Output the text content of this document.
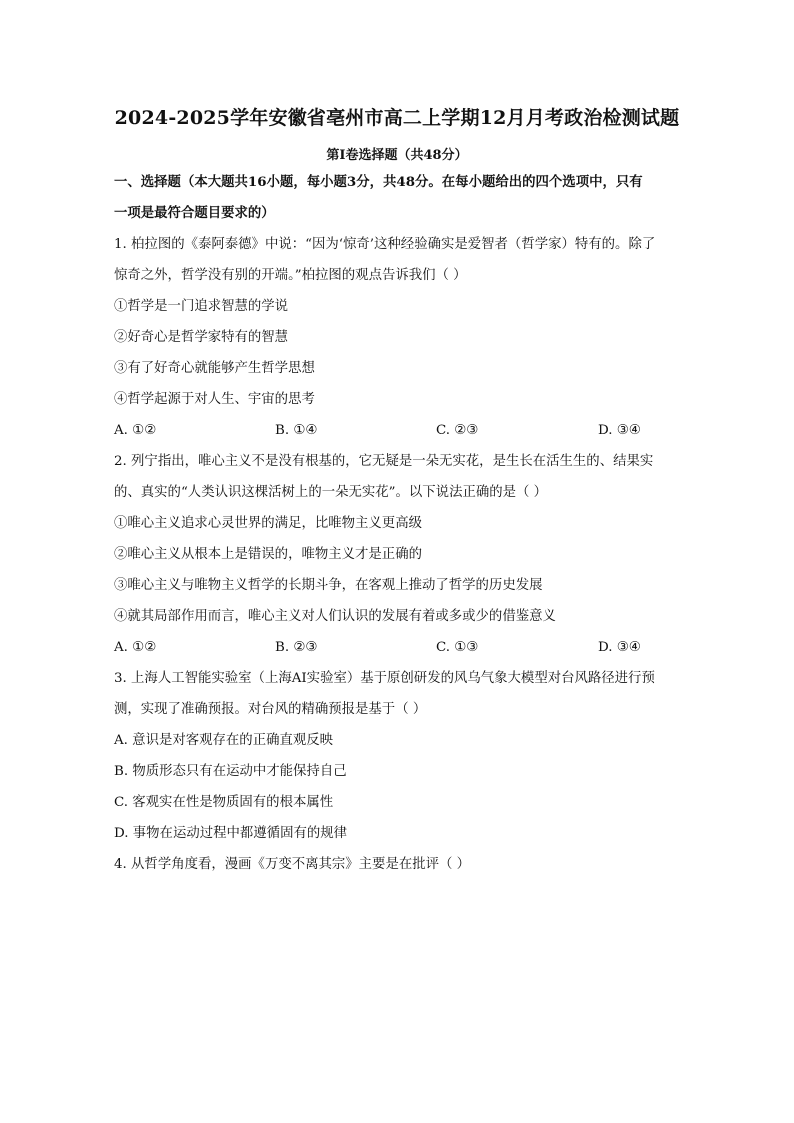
2024-2025学年安徽省亳州市高二上学期12月月考政治检测试题
第I卷选择题（共48分）
一、选择题（本大题共16小题，每小题3分，共48分。在每小题给出的四个选项中，只有
一项是最符合题目要求的）
1. 柏拉图的《泰阿泰德》中说：“因为‘惊奇’这种经验确实是爱智者（哲学家）特有的。除了
惊奇之外，哲学没有别的开端。”柏拉图的观点告诉我们（ ）
①哲学是一门追求智慧的学说
②好奇心是哲学家特有的智慧
③有了好奇心就能够产生哲学思想
④哲学起源于对人生、宇宙的思考
A. ①②	B. ①④	C. ②③	D. ③④
2. 列宁指出，唯心主义不是没有根基的，它无疑是一朵无实花，是生长在活生生的、结果实
的、真实的“人类认识这棵活树上的一朵无实花”。以下说法正确的是（ ）
①唯心主义追求心灵世界的满足，比唯物主义更高级
②唯心主义从根本上是错误的，唯物主义才是正确的
③唯心主义与唯物主义哲学的长期斗争，在客观上推动了哲学的历史发展
④就其局部作用而言，唯心主义对人们认识的发展有着或多或少的借鉴意义
A. ①②	B. ②③	C. ①③	D. ③④
3. 上海人工智能实验室（上海AI实验室）基于原创研发的风乌气象大模型对台风路径进行预
测，实现了准确预报。对台风的精确预报是基于（ ）
A. 意识是对客观存在的正确直观反映
B. 物质形态只有在运动中才能保持自己
C. 客观实在性是物质固有的根本属性
D. 事物在运动过程中都遵循固有的规律
4. 从哲学角度看，漫画《万变不离其宗》主要是在批评（ ）
